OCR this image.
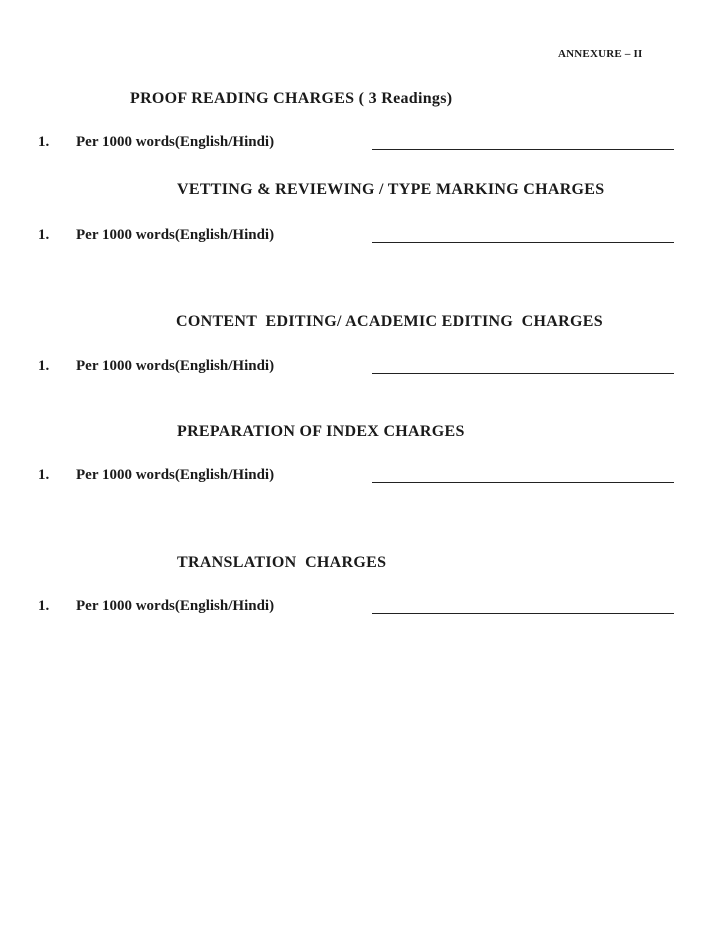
ANNEXURE – II
PROOF READING CHARGES ( 3 Readings)
1. Per 1000 words(English/Hindi)
VETTING & REVIEWING / TYPE MARKING CHARGES
1. Per 1000 words(English/Hindi)
CONTENT  EDITING/ ACADEMIC EDITING  CHARGES
1. Per 1000 words(English/Hindi)
PREPARATION OF INDEX CHARGES
1. Per 1000 words(English/Hindi)
TRANSLATION  CHARGES
1. Per 1000 words(English/Hindi)
